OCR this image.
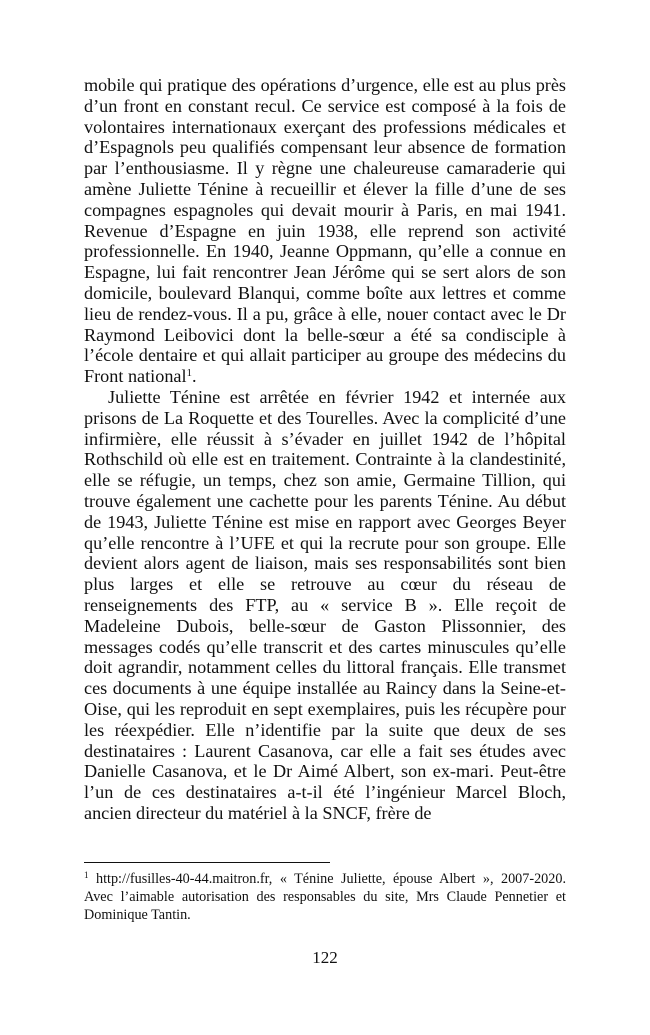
mobile qui pratique des opérations d’urgence, elle est au plus près d’un front en constant recul. Ce service est composé à la fois de volontaires internationaux exerçant des professions médicales et d’Espagnols peu qualifiés compensant leur absence de formation par l’enthousiasme. Il y règne une chaleureuse camaraderie qui amène Juliette Ténine à recueillir et élever la fille d’une de ses compagnes espagnoles qui devait mourir à Paris, en mai 1941. Revenue d’Espagne en juin 1938, elle reprend son activité professionnelle. En 1940, Jeanne Oppmann, qu’elle a connue en Espagne, lui fait rencontrer Jean Jérôme qui se sert alors de son domicile, boulevard Blanqui, comme boîte aux lettres et comme lieu de rendez-vous. Il a pu, grâce à elle, nouer contact avec le Dr Raymond Leibovici dont la belle-sœur a été sa condisciple à l’école dentaire et qui allait participer au groupe des médecins du Front national$^1$.

Juliette Ténine est arrêtée en février 1942 et internée aux prisons de La Roquette et des Tourelles. Avec la complicité d’une infirmière, elle réussit à s’évader en juillet 1942 de l’hôpital Rothschild où elle est en traitement. Contrainte à la clandestinité, elle se réfugie, un temps, chez son amie, Germaine Tillion, qui trouve également une cachette pour les parents Ténine. Au début de 1943, Juliette Ténine est mise en rapport avec Georges Beyer qu’elle rencontre à l’UFE et qui la recrute pour son groupe. Elle devient alors agent de liaison, mais ses responsabilités sont bien plus larges et elle se retrouve au cœur du réseau de renseignements des FTP, au « service B ». Elle reçoit de Madeleine Dubois, belle-sœur de Gaston Plissonnier, des messages codés qu’elle transcrit et des cartes minuscules qu’elle doit agrandir, notamment celles du littoral français. Elle transmet ces documents à une équipe installée au Raincy dans la Seine-et-Oise, qui les reproduit en sept exemplaires, puis les récupère pour les réexpédier. Elle n’identifie par la suite que deux de ses destinataires : Laurent Casanova, car elle a fait ses études avec Danielle Casanova, et le Dr Aimé Albert, son ex-mari. Peut-être l’un de ces destinataires a-t-il été l’ingénieur Marcel Bloch, ancien directeur du matériel à la SNCF, frère de

$^1$ http://fusilles-40-44.maitron.fr, « Ténine Juliette, épouse Albert », 2007-2020. Avec l’aimable autorisation des responsables du site, Mrs Claude Pennetier et Dominique Tantin.

122
